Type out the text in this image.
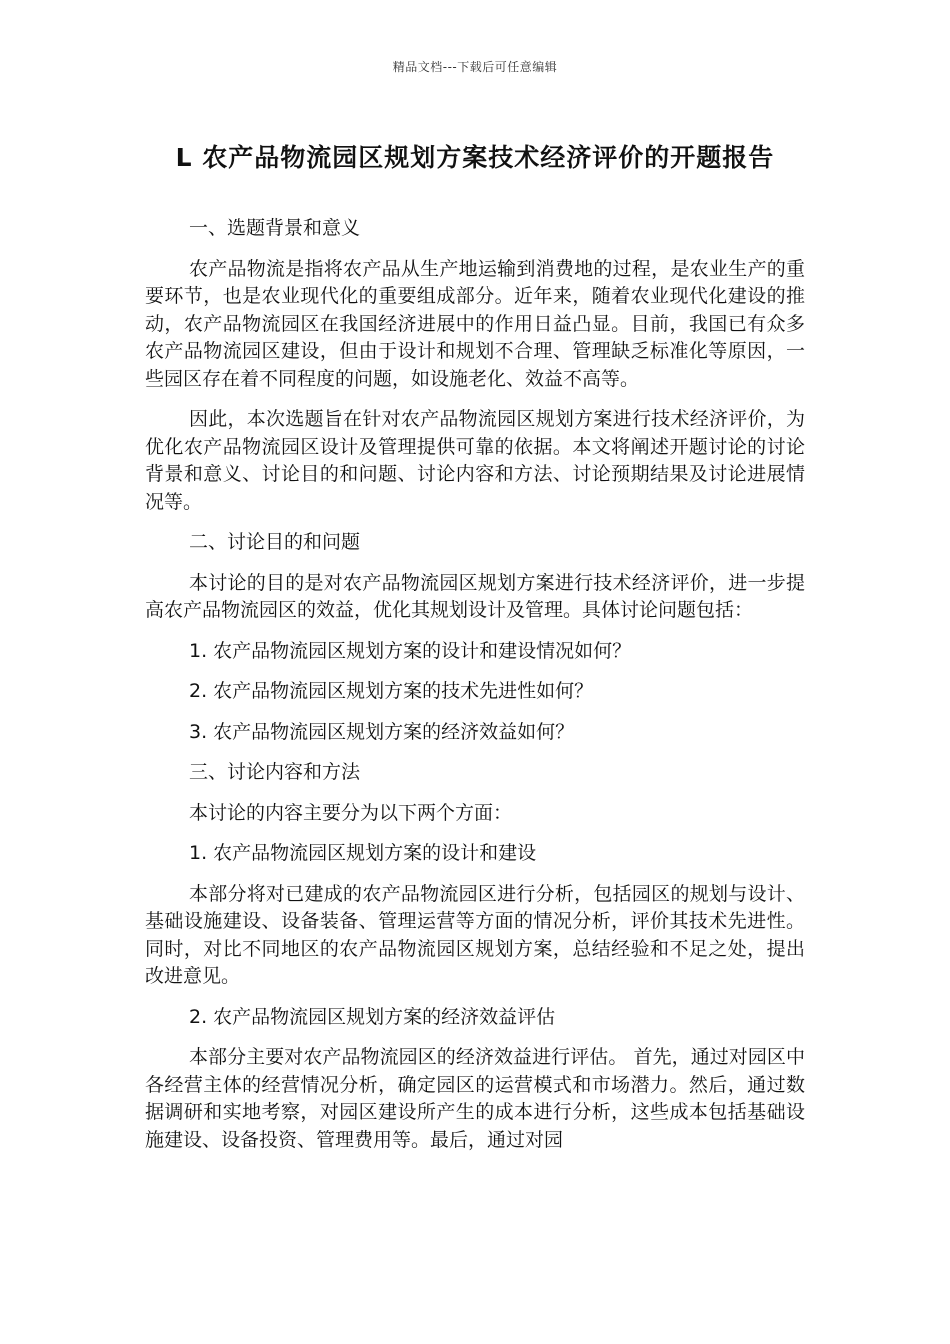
精品文档---下载后可任意编辑
L 农产品物流园区规划方案技术经济评价的开题报告

一、选题背景和意义

农产品物流是指将农产品从生产地运输到消费地的过程，是农业生产的重要环节，也是农业现代化的重要组成部分。近年来，随着农业现代化建设的推动，农产品物流园区在我国经济进展中的作用日益凸显。目前，我国已有众多农产品物流园区建设，但由于设计和规划不合理、管理缺乏标准化等原因，一些园区存在着不同程度的问题，如设施老化、效益不高等。

因此，本次选题旨在针对农产品物流园区规划方案进行技术经济评价，为优化农产品物流园区设计及管理提供可靠的依据。本文将阐述开题讨论的讨论背景和意义、讨论目的和问题、讨论内容和方法、讨论预期结果及讨论进展情况等。

二、讨论目的和问题

本讨论的目的是对农产品物流园区规划方案进行技术经济评价，进一步提高农产品物流园区的效益，优化其规划设计及管理。具体讨论问题包括：

1. 农产品物流园区规划方案的设计和建设情况如何？

2. 农产品物流园区规划方案的技术先进性如何？

3. 农产品物流园区规划方案的经济效益如何？

三、讨论内容和方法

本讨论的内容主要分为以下两个方面：

1. 农产品物流园区规划方案的设计和建设

本部分将对已建成的农产品物流园区进行分析，包括园区的规划与设计、基础设施建设、设备装备、管理运营等方面的情况分析，评价其技术先进性。同时，对比不同地区的农产品物流园区规划方案，总结经验和不足之处，提出改进意见。

2. 农产品物流园区规划方案的经济效益评估

本部分主要对农产品物流园区的经济效益进行评估。 首先，通过对园区中各经营主体的经营情况分析，确定园区的运营模式和市场潜力。然后，通过数据调研和实地考察，对园区建设所产生的成本进行分析，这些成本包括基础设施建设、设备投资、管理费用等。最后，通过对园
